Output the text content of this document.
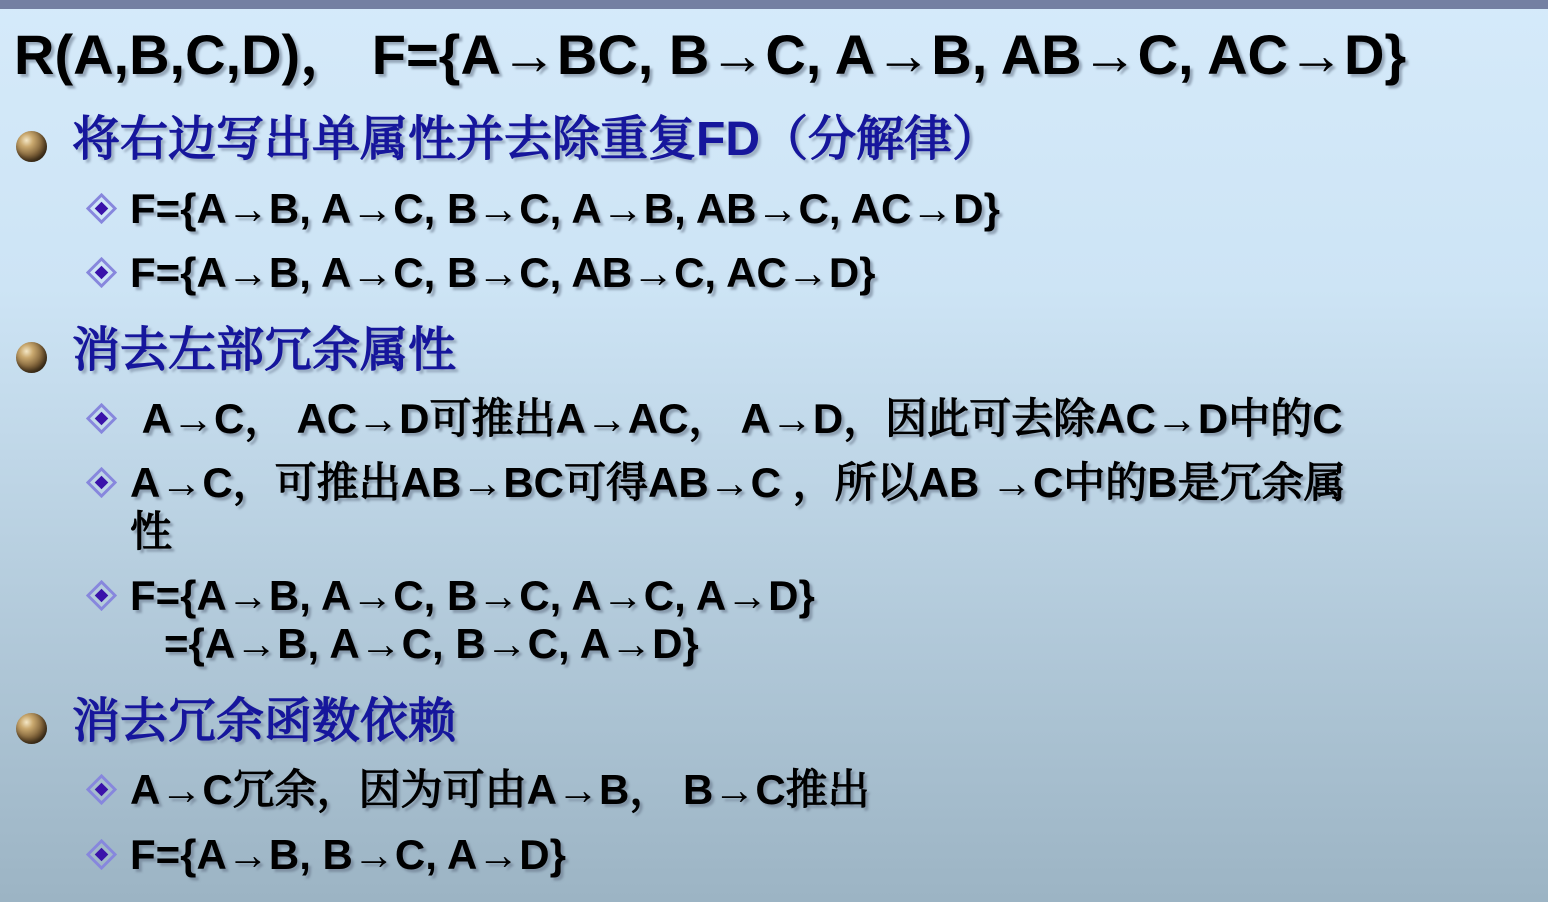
R(A,B,C,D)， F={A→BC, B→C, A→B, AB→C, AC→D}
将右边写出单属性并去除重复FD（分解律）
F={A→B, A→C, B→C, A→B, AB→C, AC→D}
F={A→B, A→C, B→C, AB→C, AC→D}
消去左部冗余属性
A→C， AC→D可推出A→AC， A→D，因此可去除AC→D中的C
A→C，可推出AB→BC可得AB→C ，所以AB →C中的B是冗余属
性
F={A→B, A→C, B→C, A→C, A→D}
={A→B, A→C, B→C, A→D}
消去冗余函数依赖
A→C冗余，因为可由A→B， B→C推出
F={A→B, B→C, A→D}
